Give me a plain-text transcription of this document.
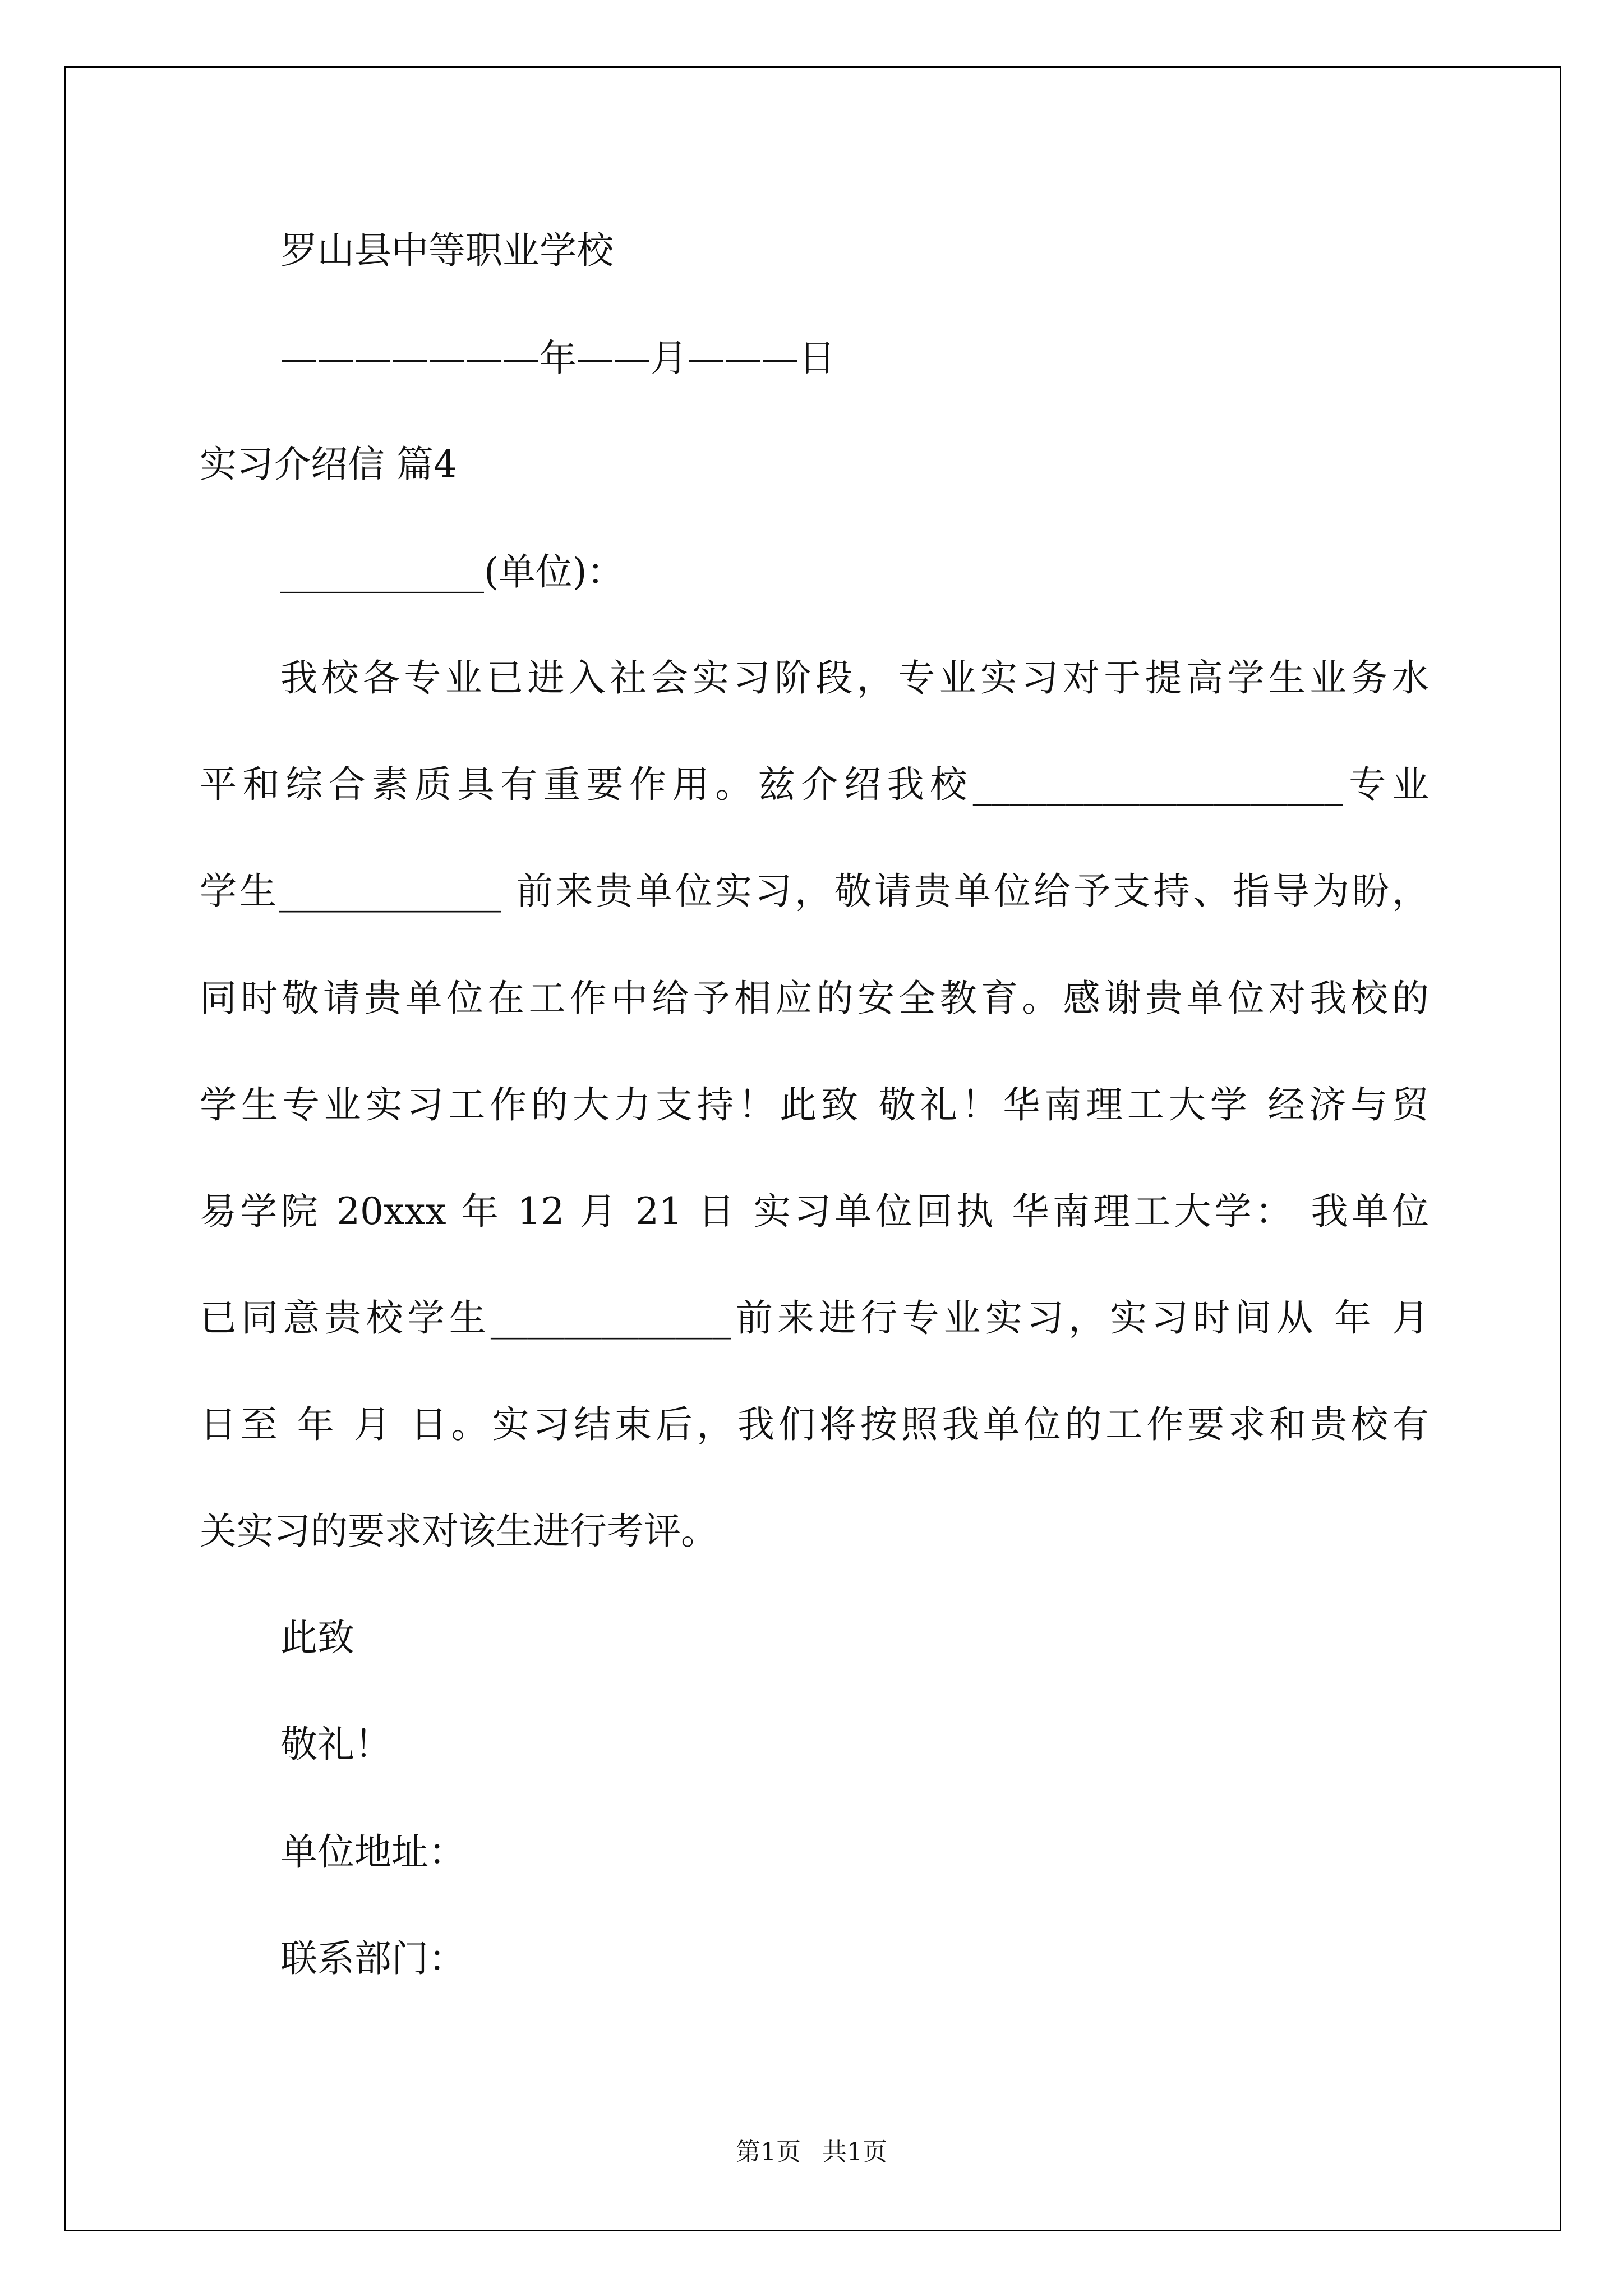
罗山县中等职业学校
———————年——月———日
实习介绍信 篇4
___________(单位)：
我校各专业已进入社会实习阶段，专业实习对于提高学生业务水
平和综合素质具有重要作用。兹介绍我校____________________专业
学生____________ 前来贵单位实习，敬请贵单位给予支持、指导为盼，
同时敬请贵单位在工作中给予相应的安全教育。感谢贵单位对我校的
学生专业实习工作的大力支持！此致 敬礼！华南理工大学 经济与贸
易学院 20xxx 年 12 月 21 日 实习单位回执 华南理工大学： 我单位
已同意贵校学生_____________前来进行专业实习，实习时间从 年 月
日至 年 月 日。实习结束后，我们将按照我单位的工作要求和贵校有
关实习的要求对该生进行考评。
此致
敬礼！
单位地址：
联系部门：
第1页 共1页
